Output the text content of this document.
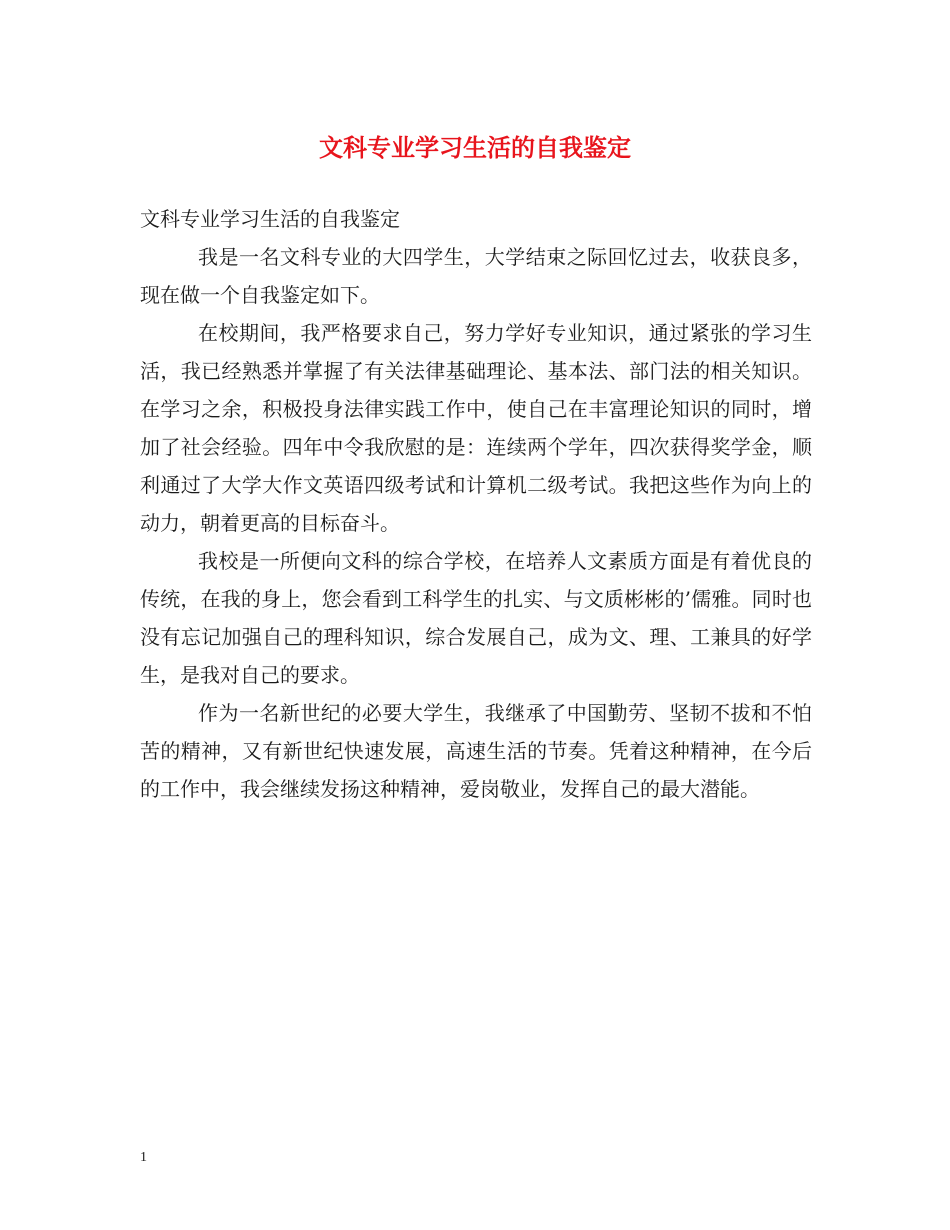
文科专业学习生活的自我鉴定

文科专业学习生活的自我鉴定

我是一名文科专业的大四学生，大学结束之际回忆过去，收获良多，现在做一个自我鉴定如下。

在校期间，我严格要求自己，努力学好专业知识，通过紧张的学习生活，我已经熟悉并掌握了有关法律基础理论、基本法、部门法的相关知识。在学习之余，积极投身法律实践工作中，使自己在丰富理论知识的同时，增加了社会经验。四年中令我欣慰的是：连续两个学年，四次获得奖学金，顺利通过了大学大作文英语四级考试和计算机二级考试。我把这些作为向上的动力，朝着更高的目标奋斗。

我校是一所便向文科的综合学校，在培养人文素质方面是有着优良的传统，在我的身上，您会看到工科学生的扎实、与文质彬彬的’儒雅。同时也没有忘记加强自己的理科知识，综合发展自己，成为文、理、工兼具的好学生，是我对自己的要求。

作为一名新世纪的必要大学生，我继承了中国勤劳、坚韧不拔和不怕苦的精神，又有新世纪快速发展，高速生活的节奏。凭着这种精神，在今后的工作中，我会继续发扬这种精神，爱岗敬业，发挥自己的最大潜能。

1
